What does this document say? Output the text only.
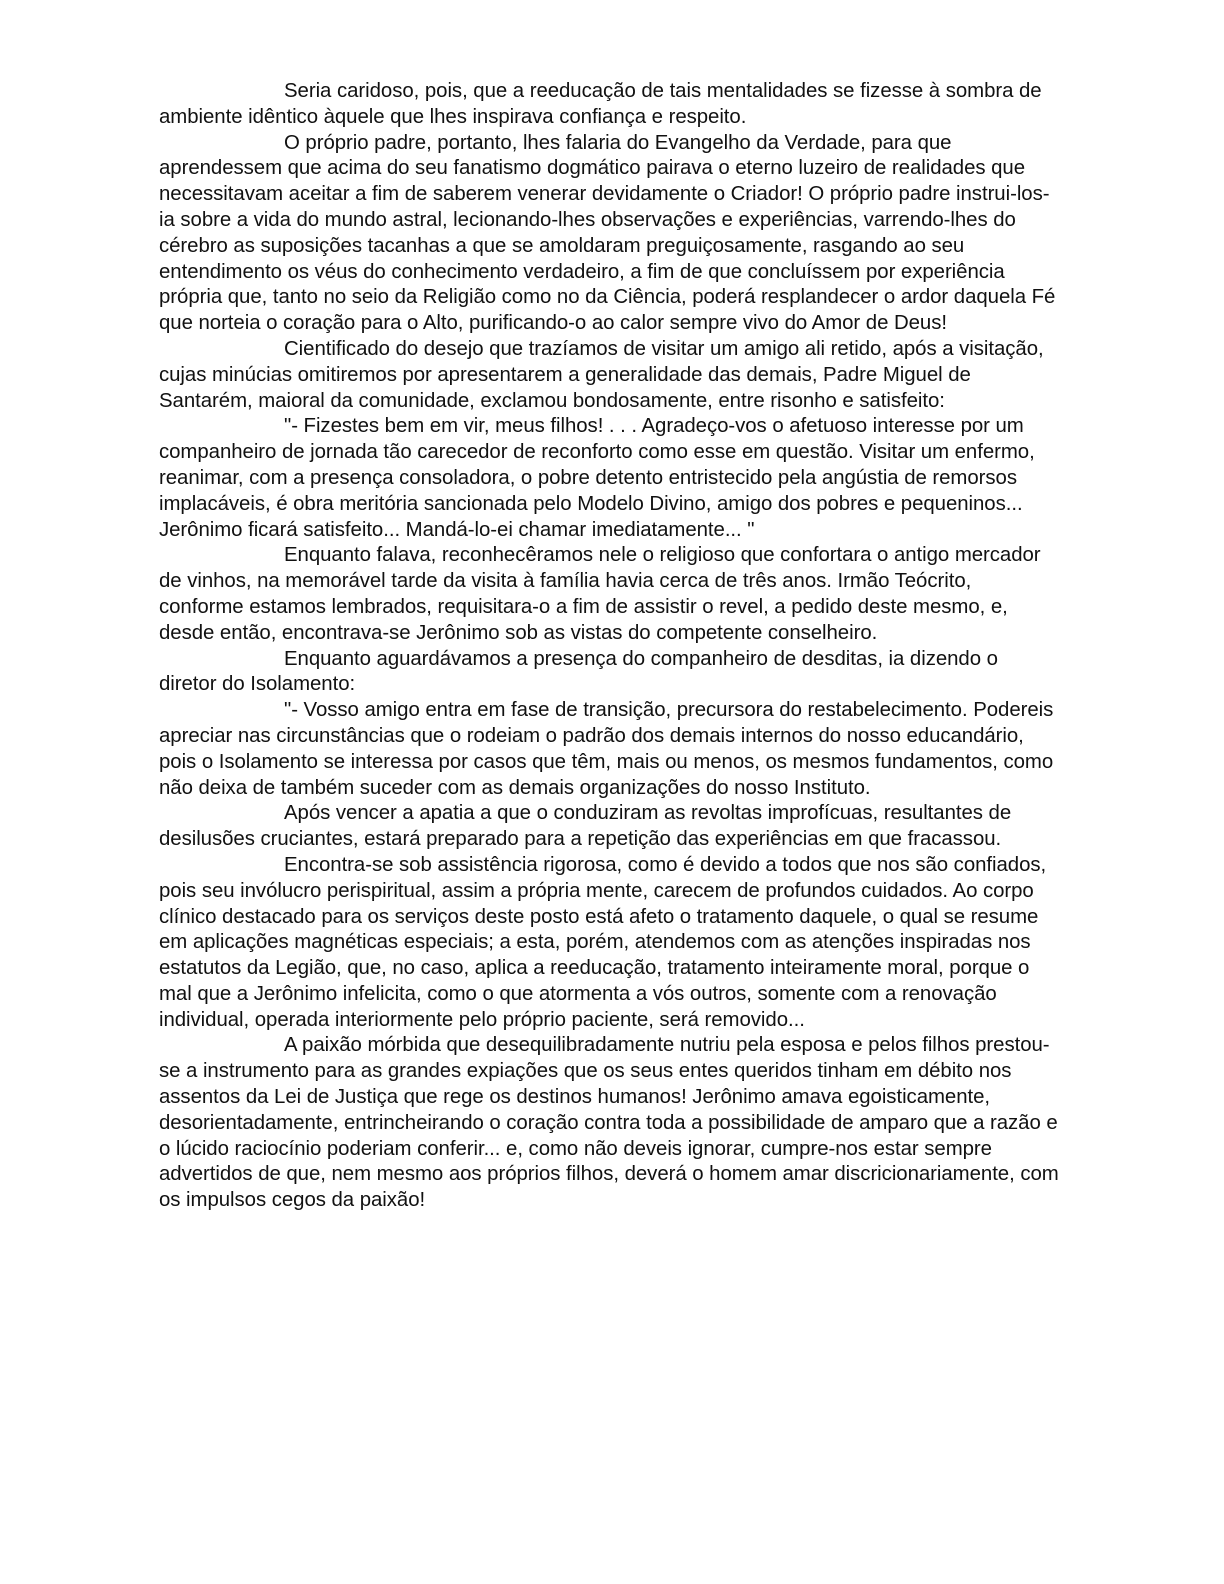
Seria caridoso, pois, que a reeducação de tais mentalidades se fizesse à sombra de ambiente idêntico àquele que lhes inspirava confiança e respeito.

O próprio padre, portanto, lhes falaria do Evangelho da Verdade, para que aprendessem que acima do seu fanatismo dogmático pairava o eterno luzeiro de realidades que necessitavam aceitar a fim de saberem venerar devidamente o Criador! O próprio padre instrui-los-ia sobre a vida do mundo astral, lecionando-lhes observações e experiências, varrendo-lhes do cérebro as suposições tacanhas a que se amoldaram preguiçosamente, rasgando ao seu entendimento os véus do conhecimento verdadeiro, a fim de que concluíssem por experiência própria que, tanto no seio da Religião como no da Ciência, poderá resplandecer o ardor daquela Fé que norteia o coração para o Alto, purificando-o ao calor sempre vivo do Amor de Deus!

Cientificado do desejo que trazíamos de visitar um amigo ali retido, após a visitação, cujas minúcias omitiremos por apresentarem a generalidade das demais, Padre Miguel de Santarém, maioral da comunidade, exclamou bondosamente, entre risonho e satisfeito:

"- Fizestes bem em vir, meus filhos! . . . Agradeço-vos o afetuoso interesse por um companheiro de jornada tão carecedor de reconforto como esse em questão. Visitar um enfermo, reanimar, com a presença consoladora, o pobre detento entristecido pela angústia de remorsos implacáveis, é obra meritória sancionada pelo Modelo Divino, amigo dos pobres e pequeninos... Jerônimo ficará satisfeito... Mandá-lo-ei chamar imediatamente... "

Enquanto falava, reconhecêramos nele o religioso que confortara o antigo mercador de vinhos, na memorável tarde da visita à família havia cerca de três anos. Irmão Teócrito, conforme estamos lembrados, requisitara-o a fim de assistir o revel, a pedido deste mesmo, e, desde então, encontrava-se Jerônimo sob as vistas do competente conselheiro.

Enquanto aguardávamos a presença do companheiro de desditas, ia dizendo o diretor do Isolamento:

"- Vosso amigo entra em fase de transição, precursora do restabelecimento. Podereis apreciar nas circunstâncias que o rodeiam o padrão dos demais internos do nosso educandário, pois o Isolamento se interessa por casos que têm, mais ou menos, os mesmos fundamentos, como não deixa de também suceder com as demais organizações do nosso Instituto.

Após vencer a apatia a que o conduziram as revoltas improfícuas, resultantes de desilusões cruciantes, estará preparado para a repetição das experiências em que fracassou.

Encontra-se sob assistência rigorosa, como é devido a todos que nos são confiados, pois seu invólucro perispiritual, assim a própria mente, carecem de profundos cuidados. Ao corpo clínico destacado para os serviços deste posto está afeto o tratamento daquele, o qual se resume em aplicações magnéticas especiais; a esta, porém, atendemos com as atenções inspiradas nos estatutos da Legião, que, no caso, aplica a reeducação, tratamento inteiramente moral, porque o mal que a Jerônimo infelicita, como o que atormenta a vós outros, somente com a renovação individual, operada interiormente pelo próprio paciente, será removido...

A paixão mórbida que desequilibradamente nutriu pela esposa e pelos filhos prestou-se a instrumento para as grandes expiações que os seus entes queridos tinham em débito nos assentos da Lei de Justiça que rege os destinos humanos! Jerônimo amava egoisticamente, desorientadamente, entrincheirando o coração contra toda a possibilidade de amparo que a razão e o lúcido raciocínio poderiam conferir... e, como não deveis ignorar, cumpre-nos estar sempre advertidos de que, nem mesmo aos próprios filhos, deverá o homem amar discricionariamente, com os impulsos cegos da paixão!
